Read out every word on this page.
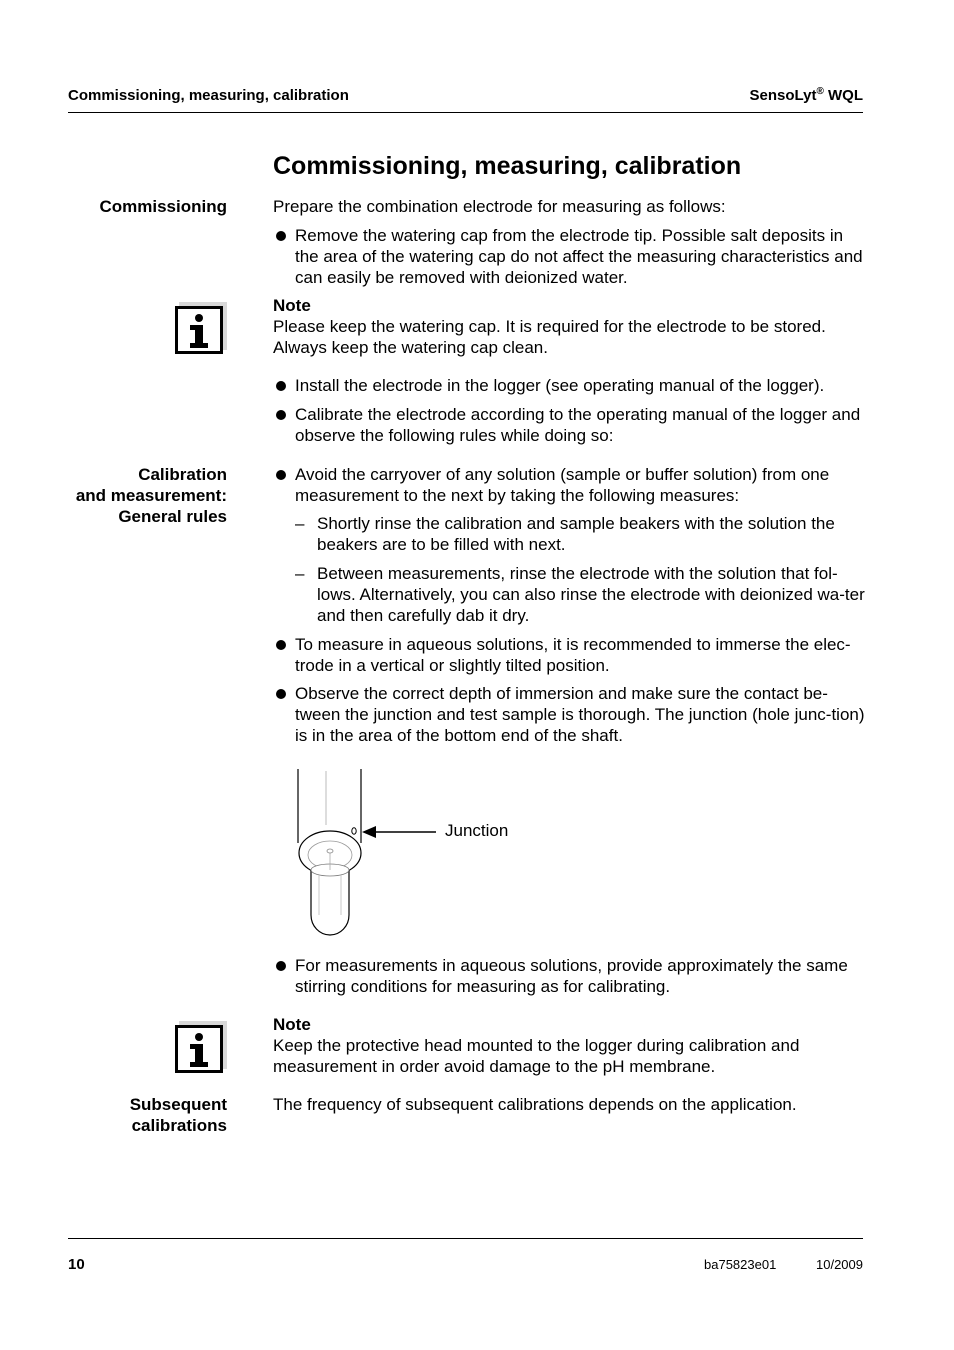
Commissioning, measuring, calibration	SensoLyt® WQL
Commissioning, measuring, calibration
Commissioning	Prepare the combination electrode for measuring as follows:
Remove the watering cap from the electrode tip. Possible salt deposits in the area of the watering cap do not affect the measuring characteristics and can easily be removed with deionized water.
Note
Please keep the watering cap. It is required for the electrode to be stored. Always keep the watering cap clean.
Install the electrode in the logger (see operating manual of the logger).
Calibrate the electrode according to the operating manual of the logger and observe the following rules while doing so:
Calibration
and measurement:
General rules
Avoid the carryover of any solution (sample or buffer solution) from one measurement to the next by taking the following measures:
– Shortly rinse the calibration and sample beakers with the solution the beakers are to be filled with next.
– Between measurements, rinse the electrode with the solution that fol-lows. Alternatively, you can also rinse the electrode with deionized wa-ter and then carefully dab it dry.
To measure in aqueous solutions, it is recommended to immerse the elec-trode in a vertical or slightly tilted position.
Observe the correct depth of immersion and make sure the contact be-tween the junction and test sample is thorough. The junction (hole junc-tion) is in the area of the bottom end of the shaft.
Junction
For measurements in aqueous solutions, provide approximately the same stirring conditions for measuring as for calibrating.
Note
Keep the protective head mounted to the logger during calibration and measurement in order avoid damage to the pH membrane.
Subsequent
calibrations
The frequency of subsequent calibrations depends on the application.
10	ba75823e01	10/2009
